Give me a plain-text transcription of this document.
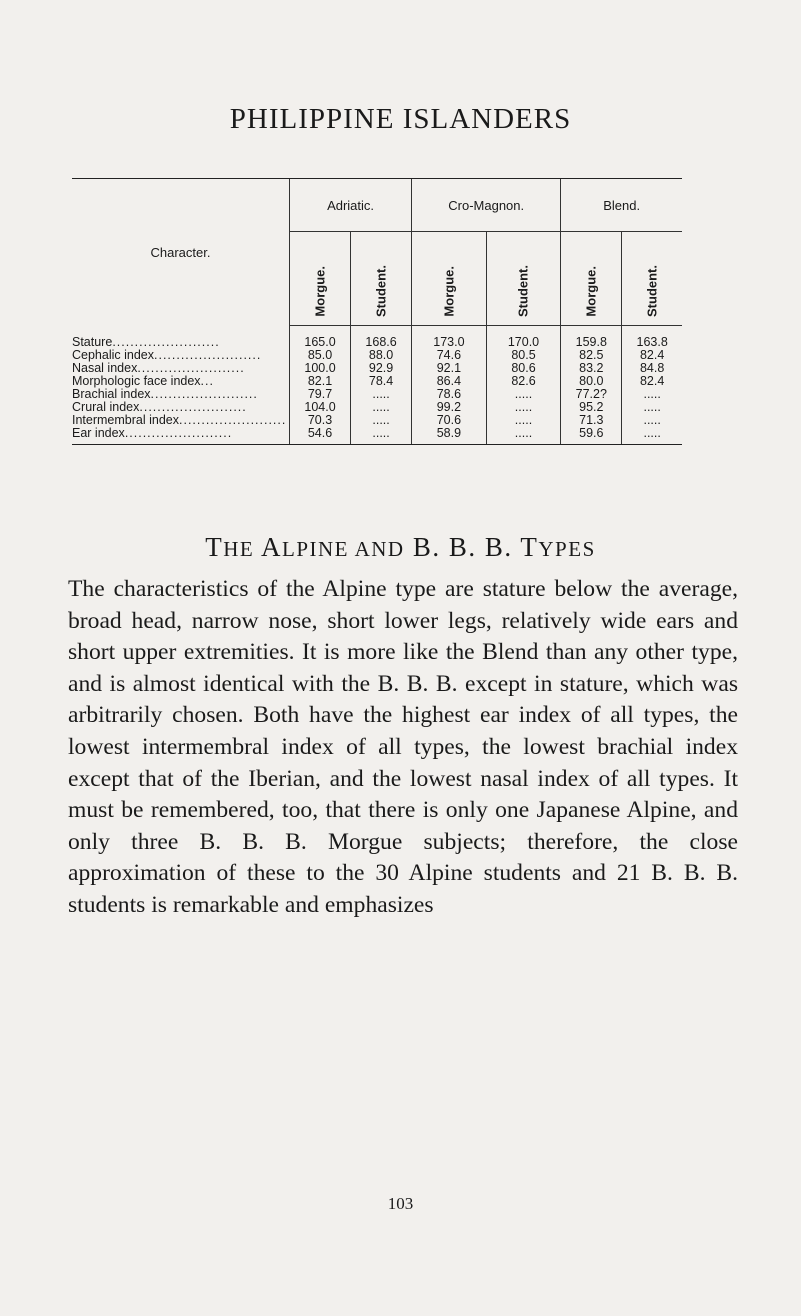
PHILIPPINE ISLANDERS
Character.	Adriatic.		Cro-Magnon.		Blend.	

	Morgue.	Student.	Morgue.	Student.	Morgue.	Student.

Stature........................	165.0	168.6	173.0	170.0	159.8	163.8
Cephalic index........................	85.0	88.0	74.6	80.5	82.5	82.4
Nasal index........................	100.0	92.9	92.1	80.6	83.2	84.8
Morphologic face index...	82.1	78.4	86.4	82.6	80.0	82.4
Brachial index........................	79.7	.....	78.6	.....	77.2?	.....
Crural index........................	104.0	.....	99.2	.....	95.2	.....
Intermembral index........................	70.3	.....	70.6	.....	71.3	.....
Ear index........................	54.6	.....	58.9	.....	59.6	.....
THE ALPINE AND B. B. B. TYPES

The characteristics of the Alpine type are stature below the average, broad head, narrow nose, short lower legs, relatively wide ears and short upper extremities. It is more like the Blend than any other type, and is almost identical with the B. B. B. except in stature, which was arbitrarily chosen. Both have the highest ear index of all types, the lowest intermembral index of all types, the lowest brachial index except that of the Iberian, and the lowest nasal index of all types. It must be remembered, too, that there is only one Japanese Alpine, and only three B. B. B. Morgue subjects; therefore, the close approximation of these to the 30 Alpine students and 21 B. B. B. students is remarkable and emphasizes

103
